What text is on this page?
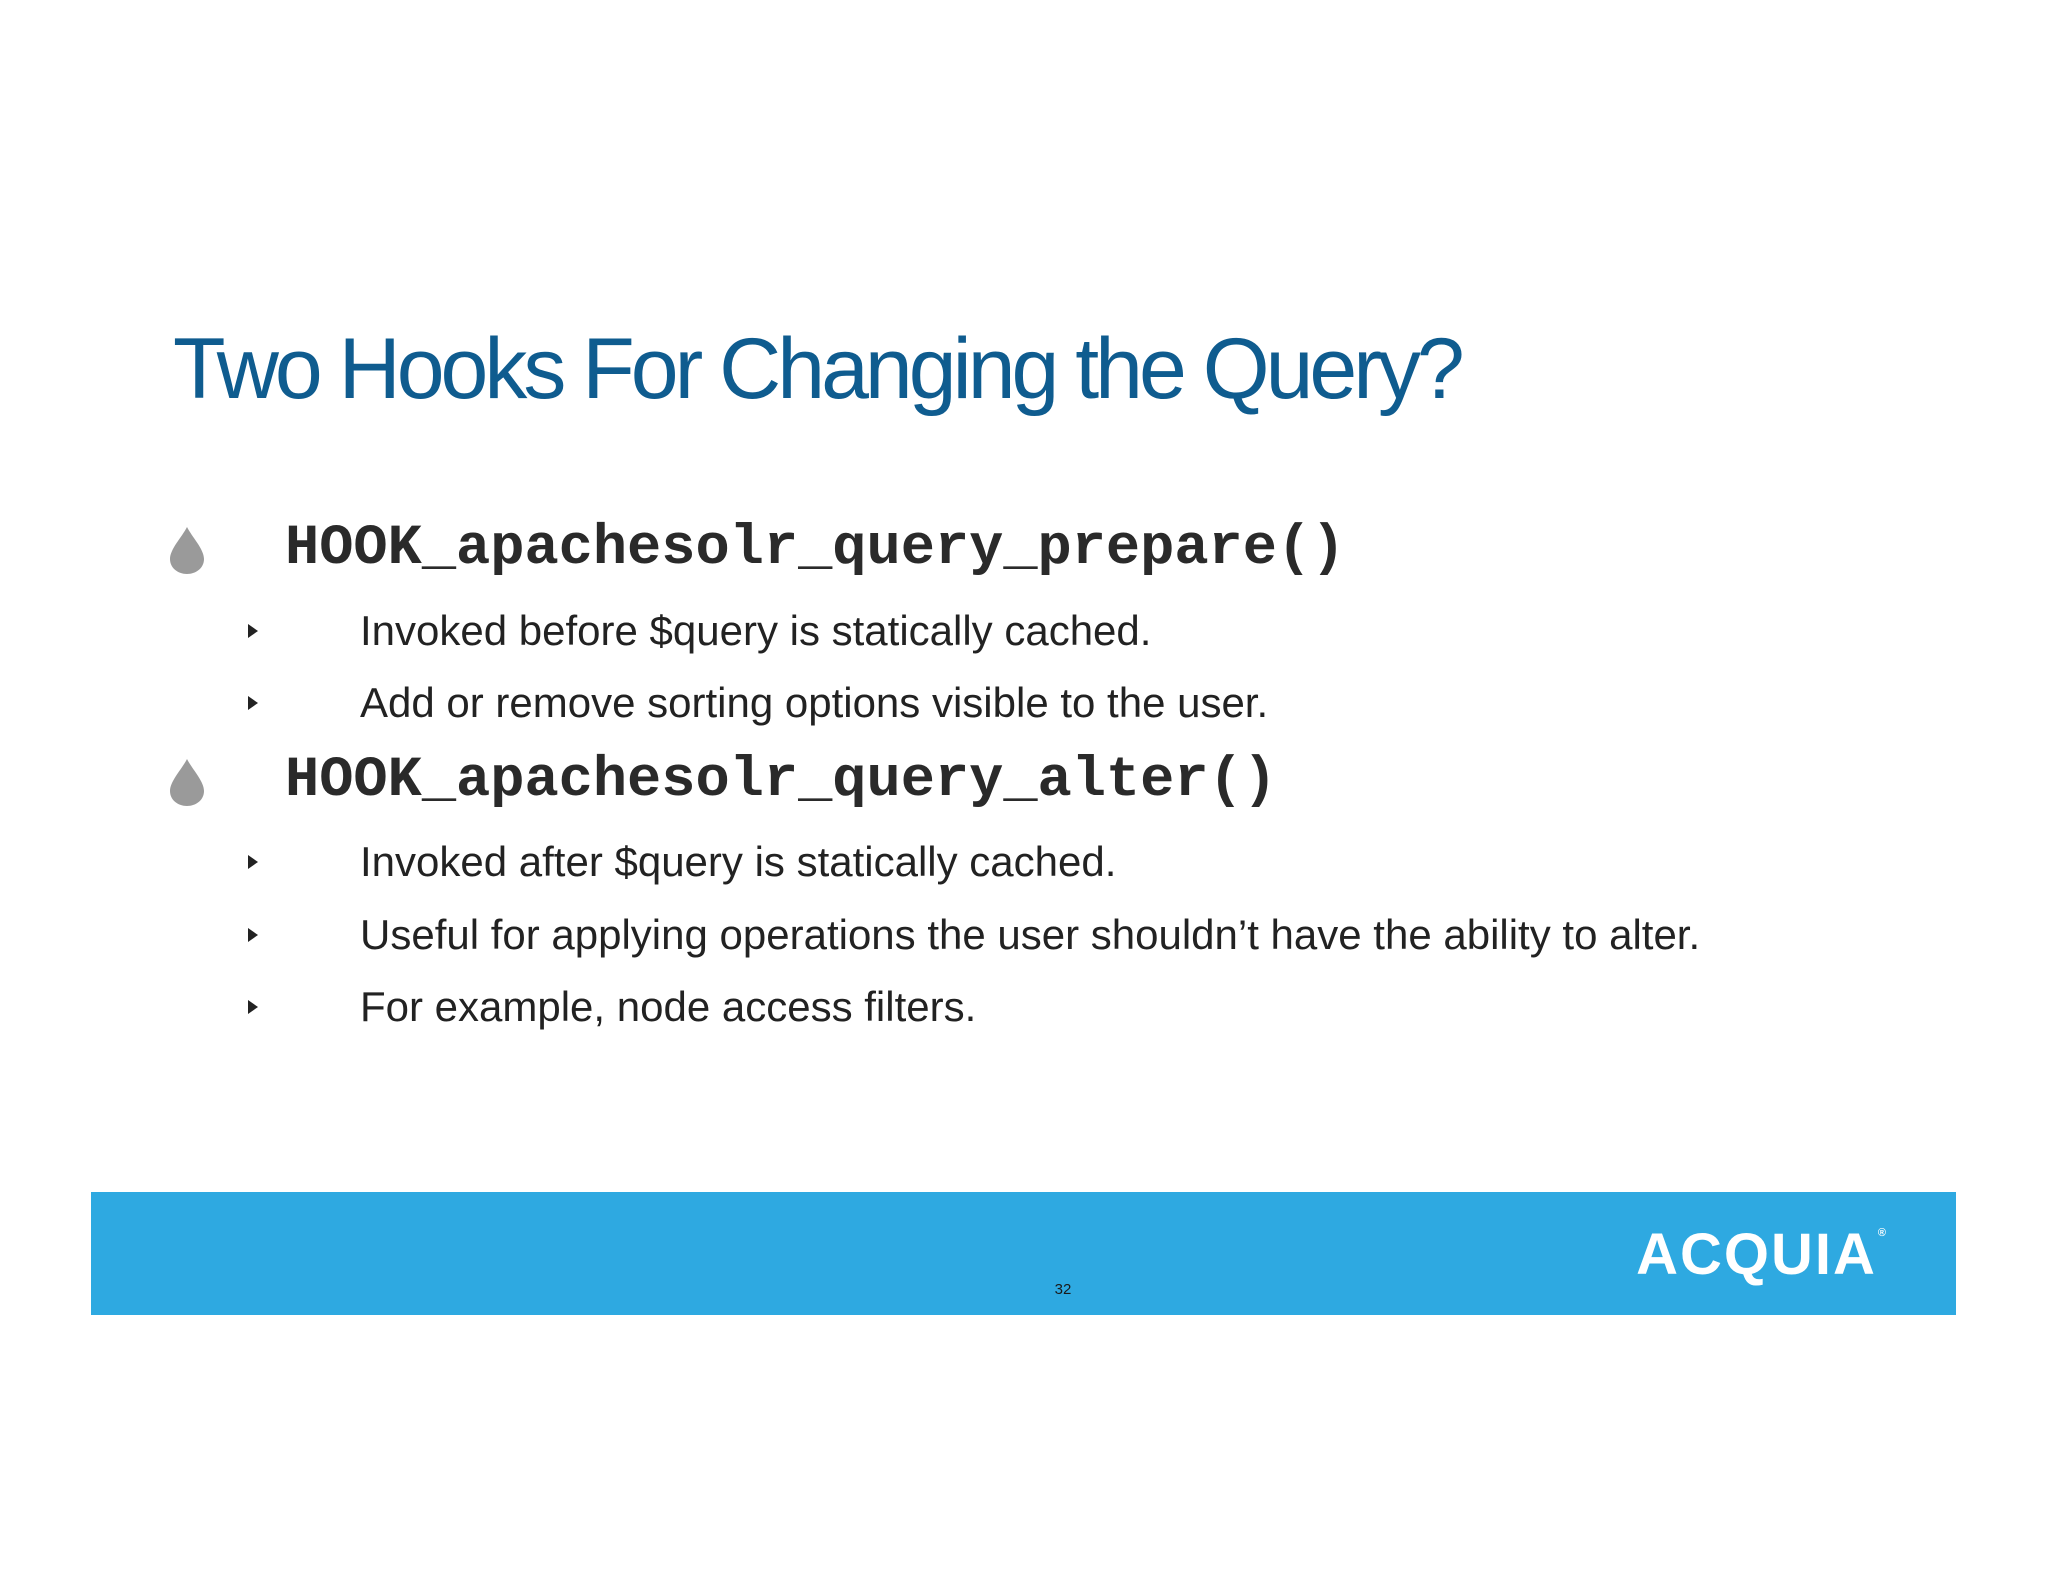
Two Hooks For Changing the Query?

HOOK_apachesolr_query_prepare()

Invoked before $query is statically cached.

Add or remove sorting options visible to the user.

HOOK_apachesolr_query_alter()

Invoked after $query is statically cached.

Useful for applying operations the user shouldn’t have the ability to alter.

For example, node access filters.

32
ACQUIA®
